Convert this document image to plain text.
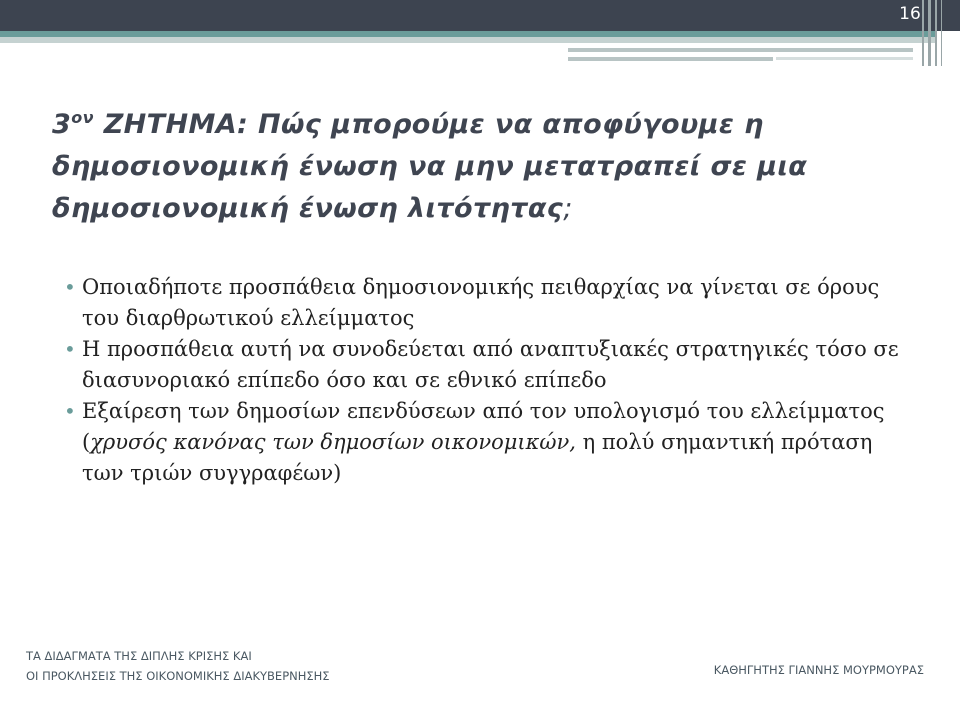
16
$3^{o\nu}$ ΖΗΤΗΜΑ: Πώς μπορούμε να αποφύγουμε η δημοσιονομική ένωση να μην μετατραπεί σε μια δημοσιονομική ένωση λιτότητας;
• Οποιαδήποτε προσπάθεια δημοσιονομικής πειθαρχίας να γίνεται σε όρους του διαρθρωτικού ελλείμματος
• Η προσπάθεια αυτή να συνοδεύεται από αναπτυξιακές στρατηγικές τόσο σε διασυνοριακό επίπεδο όσο και σε εθνικό επίπεδο
• Εξαίρεση των δημοσίων επενδύσεων από τον υπολογισμό του ελλείμματος (χρυσός κανόνας των δημοσίων οικονομικών, η πολύ σημαντική πρόταση των τριών συγγραφέων)
ΤΑ ΔΙΔΑΓΜΑΤΑ ΤΗΣ ΔΙΠΛΗΣ ΚΡΙΣΗΣ ΚΑΙ
ΟΙ ΠΡΟΚΛΗΣΕΙΣ ΤΗΣ ΟΙΚΟΝΟΜΙΚΗΣ ΔΙΑΚΥΒΕΡΝΗΣΗΣ	ΚΑΘΗΓΗΤΗΣ ΓΙΑΝΝΗΣ ΜΟΥΡΜΟΥΡΑΣ
